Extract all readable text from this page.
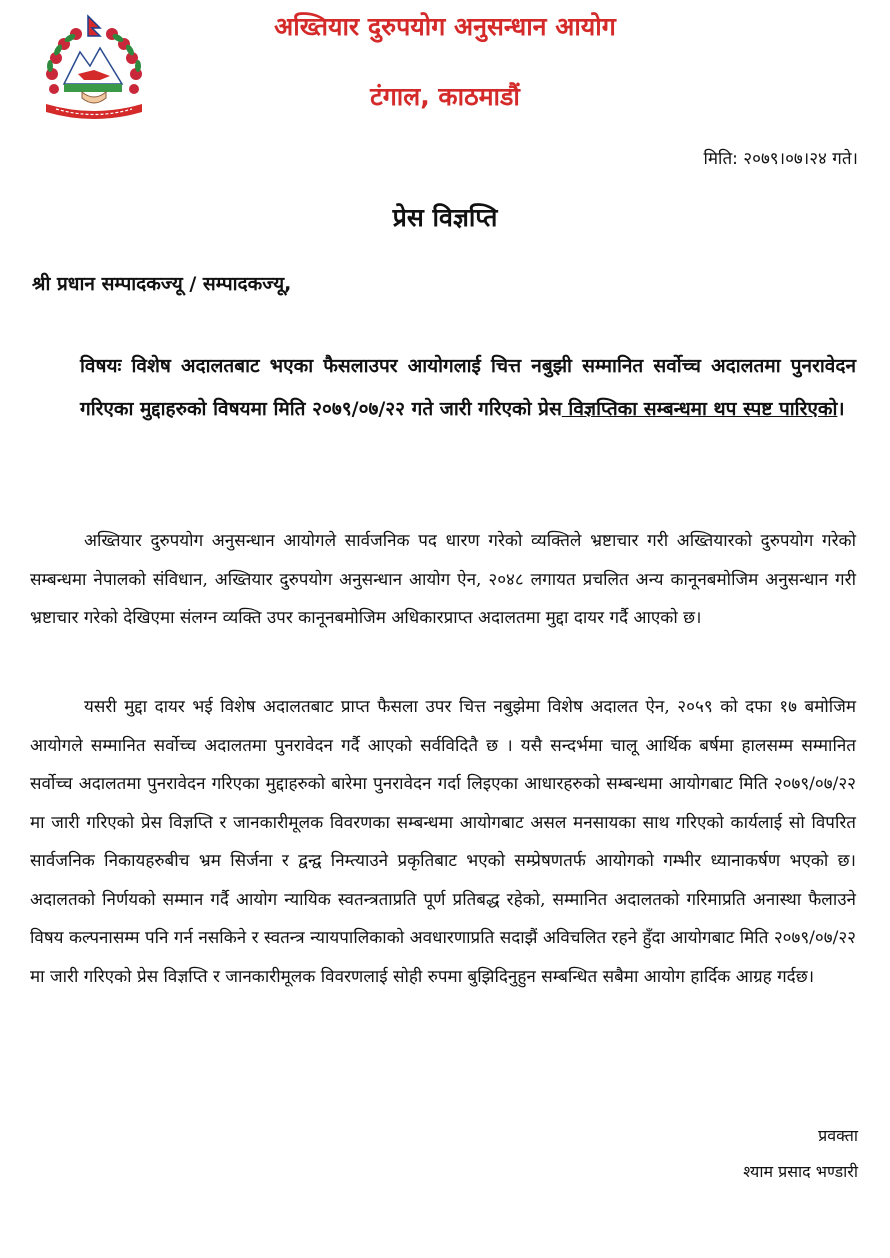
अख्तियार दुरुपयोग अनुसन्धान आयोग
टंगाल, काठमाडौं
मिति: २०७९।०७।२४ गते।
प्रेस विज्ञप्ति
श्री प्रधान सम्पादकज्यू / सम्पादकज्यू,
विषयः विशेष अदालतबाट भएका फैसलाउपर आयोगलाई चित्त नबुझी सम्मानित सर्वोच्च अदालतमा पुनरावेदन गरिएका मुद्दाहरुको विषयमा मिति २०७९/०७/२२ गते जारी गरिएको प्रेस विज्ञप्तिका सम्बन्धमा थप स्पष्ट पारिएको।

अख्तियार दुरुपयोग अनुसन्धान आयोगले सार्वजनिक पद धारण गरेको व्यक्तिले भ्रष्टाचार गरी अख्तियारको दुरुपयोग गरेको सम्बन्धमा नेपालको संविधान, अख्तियार दुरुपयोग अनुसन्धान आयोग ऐन, २०४८ लगायत प्रचलित अन्य कानूनबमोजिम अनुसन्धान गरी भ्रष्टाचार गरेको देखिएमा संलग्न व्यक्ति उपर कानूनबमोजिम अधिकारप्राप्त अदालतमा मुद्दा दायर गर्दै आएको छ।

यसरी मुद्दा दायर भई विशेष अदालतबाट प्राप्त फैसला उपर चित्त नबुझेमा विशेष अदालत ऐन, २०५९ को दफा १७ बमोजिम आयोगले सम्मानित सर्वोच्च अदालतमा पुनरावेदन गर्दै आएको सर्वविदितै छ । यसै सन्दर्भमा चालू आर्थिक बर्षमा हालसम्म सम्मानित सर्वोच्च अदालतमा पुनरावेदन गरिएका मुद्दाहरुको बारेमा पुनरावेदन गर्दा लिइएका आधारहरुको सम्बन्धमा आयोगबाट मिति २०७९/०७/२२ मा जारी गरिएको प्रेस विज्ञप्ति र जानकारीमूलक विवरणका सम्बन्धमा आयोगबाट असल मनसायका साथ गरिएको कार्यलाई सो विपरित सार्वजनिक निकायहरुबीच भ्रम सिर्जना र द्वन्द्व निम्त्याउने प्रकृतिबाट भएको सम्प्रेषणतर्फ आयोगको गम्भीर ध्यानाकर्षण भएको छ। अदालतको निर्णयको सम्मान गर्दै आयोग न्यायिक स्वतन्त्रताप्रति पूर्ण प्रतिबद्ध रहेको, सम्मानित अदालतको गरिमाप्रति अनास्था फैलाउने विषय कल्पनासम्म पनि गर्न नसकिने र स्वतन्त्र न्यायपालिकाको अवधारणाप्रति सदाझैं अविचलित रहने हुँदा आयोगबाट मिति २०७९/०७/२२ मा जारी गरिएको प्रेस विज्ञप्ति र जानकारीमूलक विवरणलाई सोही रुपमा बुझिदिनुहुन सम्बन्धित सबैमा आयोग हार्दिक आग्रह गर्दछ।

प्रवक्ता
श्याम प्रसाद भण्डारी
